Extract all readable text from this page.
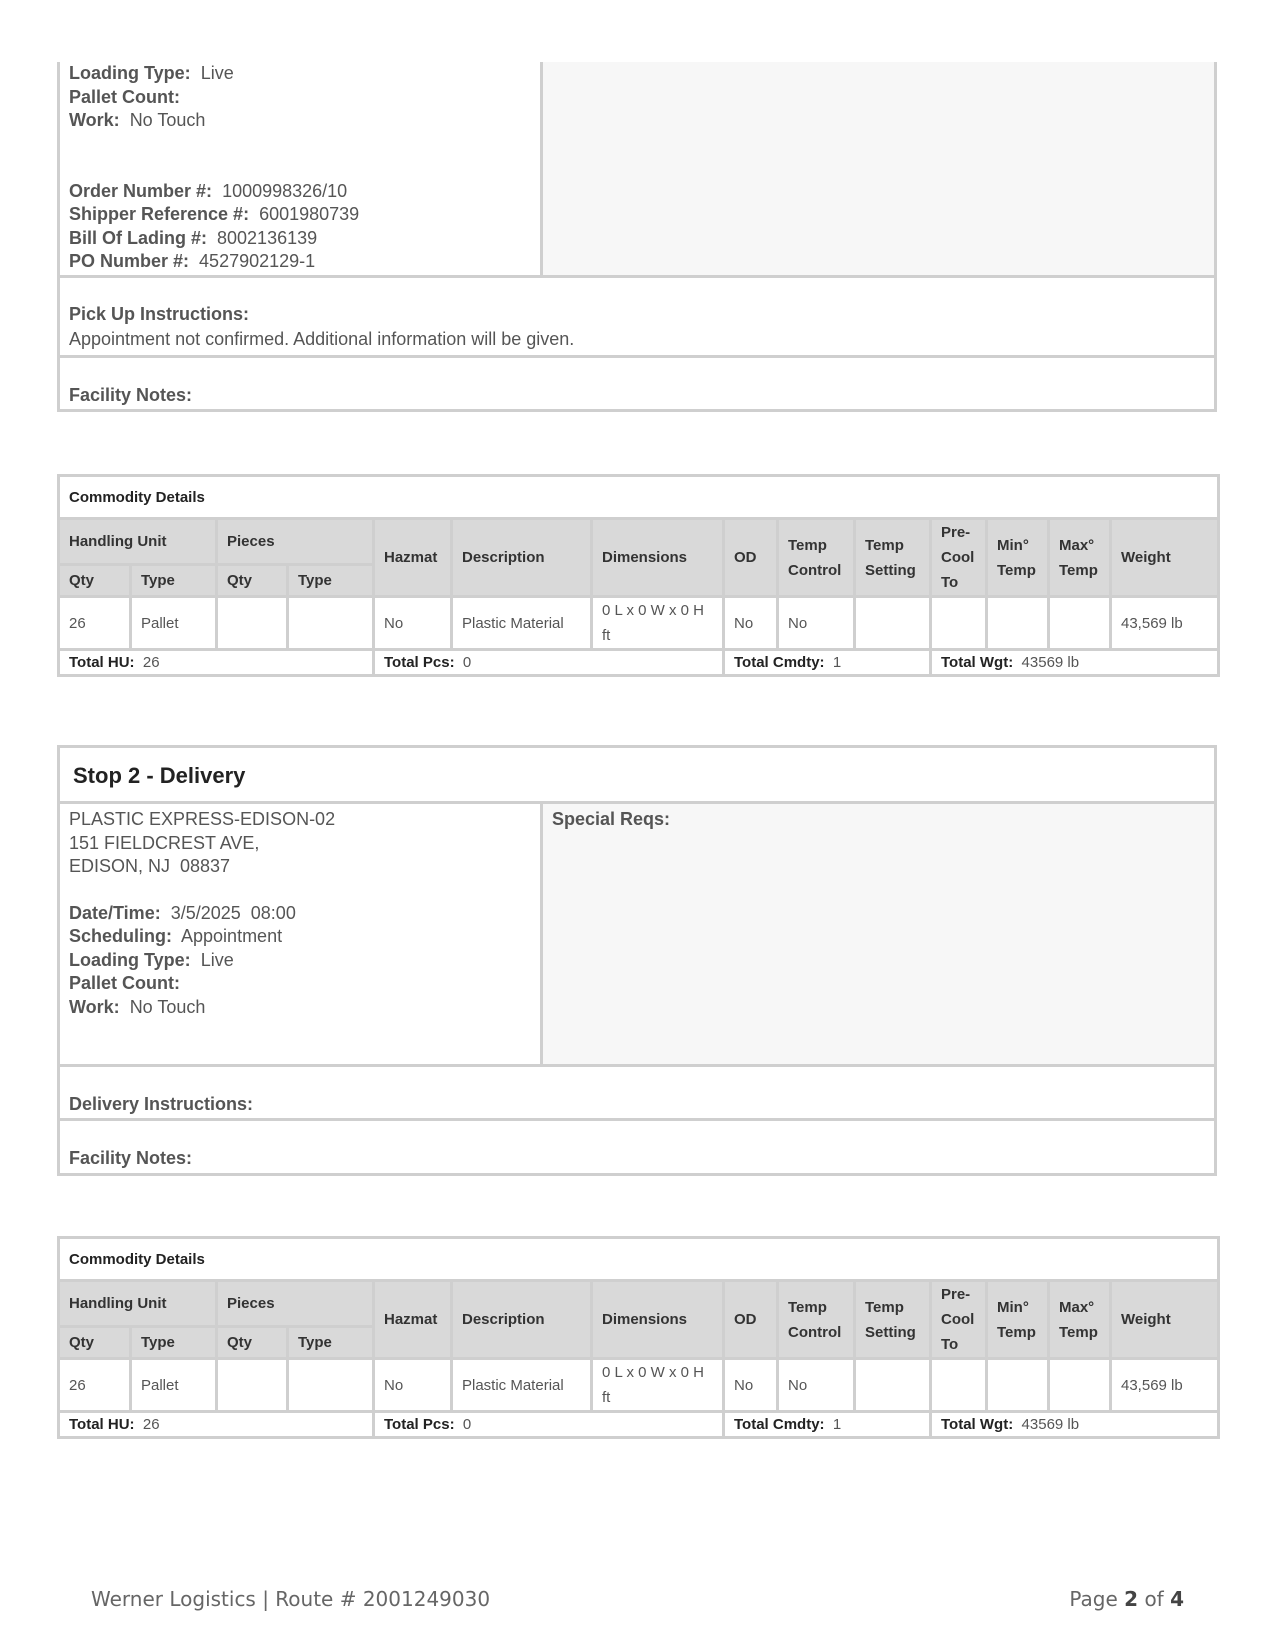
Loading Type: Live
Pallet Count:
Work: No Touch
Order Number #: 1000998326/10
Shipper Reference #: 6001980739
Bill Of Lading #: 8002136139
PO Number #: 4527902129-1
Pick Up Instructions:
Appointment not confirmed. Additional information will be given.
Facility Notes:
Commodity Details													
Handling Unit		Pieces		Hazmat	Description	Dimensions	OD	Temp Control	Temp Setting	Pre-Cool To	Min° Temp	Max° Temp	Weight
Qty	Type	Qty	Type										
26	Pallet			No	Plastic Material	0 L x 0 W x 0 H ft	No	No					43,569 lb
Total HU: 26				Total Pcs: 0			Total Cmdty: 1			Total Wgt: 43569 lb			
Stop 2 - Delivery
PLASTIC EXPRESS-EDISON-02
151 FIELDCREST AVE,
EDISON, NJ  08837
Date/Time: 3/5/2025  08:00
Scheduling: Appointment
Loading Type: Live
Pallet Count:
Work: No Touch
Special Reqs:
Delivery Instructions:
Facility Notes:
Commodity Details													
Handling Unit		Pieces		Hazmat	Description	Dimensions	OD	Temp Control	Temp Setting	Pre-Cool To	Min° Temp	Max° Temp	Weight
Qty	Type	Qty	Type										
26	Pallet			No	Plastic Material	0 L x 0 W x 0 H ft	No	No					43,569 lb
Total HU: 26				Total Pcs: 0			Total Cmdty: 1			Total Wgt: 43569 lb			
Werner Logistics | Route # 2001249030	Page 2 of 4
